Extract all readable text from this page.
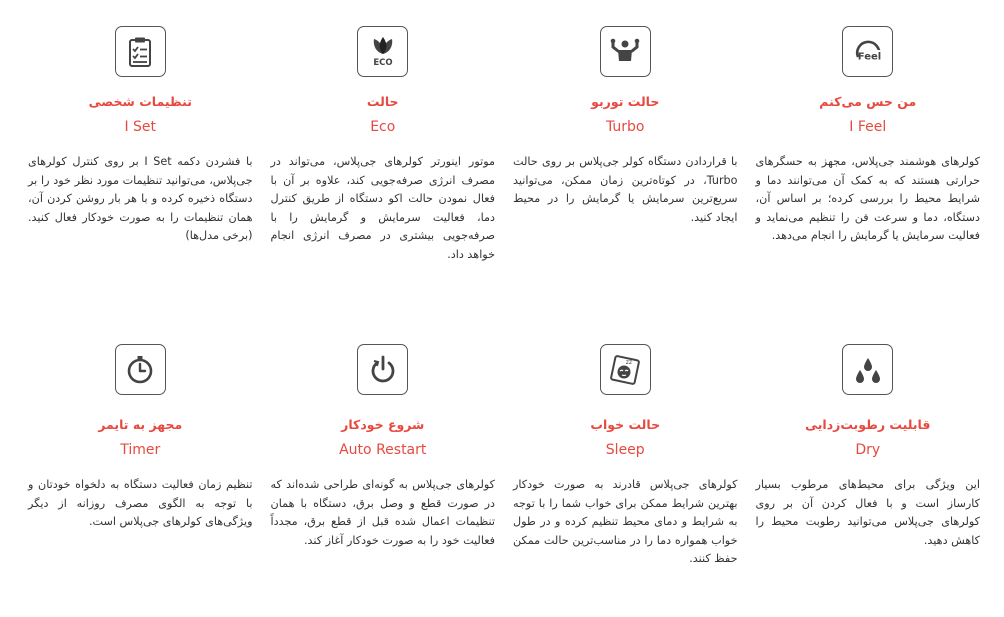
Feel
من حس می‌کنم
I Feel
کولرهای هوشمند جی‌پلاس، مجهز به حسگرهای حرارتی هستند که به کمک آن می‌توانند دما و شرایط محیط را بررسی کرده؛ بر اساس آن، دستگاه، دما و سرعت فن را تنظیم می‌نماید و فعالیت سرمایش یا گرمایش را انجام می‌دهد.
حالت توربو
Turbo
با قراردادن دستگاه کولر جی‌پلاس بر روی حالت Turbo، در کوتاه‌ترین زمان ممکن، می‌توانید سریع‌ترین سرمایش یا گرمایش را در محیط ایجاد کنید.
ECO
حالت
Eco
موتور اینورتر کولرهای جی‌پلاس، می‌تواند در مصرف انرژی صرفه‌جویی کند، علاوه بر آن با فعال نمودن حالت اکو دستگاه از طریق کنترل دما، فعالیت سرمایش و گرمایش را با صرفه‌جویی بیشتری در مصرف انرژی انجام خواهد داد.
تنظیمات شخصی
I Set
با فشردن دکمه I Set بر روی کنترل کولرهای جی‌پلاس، می‌توانید تنظیمات مورد نظر خود را بر دستگاه ذخیره کرده و با هر بار روشن کردن آن، همان تنظیمات را به صورت خودکار فعال کنید. (برخی مدل‌ها)
قابلیت رطوبت‌زدایی
Dry
این ویژگی برای محیط‌های مرطوب بسیار کارساز است و با فعال کردن آن بر روی کولرهای جی‌پلاس می‌توانید رطوبت محیط را کاهش دهید.
zz
حالت خواب
Sleep
کولرهای جی‌پلاس قادرند به صورت خودکار بهترین شرایط ممکن برای خواب شما را با توجه به شرایط و دمای محیط تنظیم کرده و در طول خواب همواره دما را در مناسب‌ترین حالت ممکن حفظ کنند.
شروع خودکار
Auto Restart
کولرهای جی‌پلاس به گونه‌ای طراحی شده‌اند که در صورت قطع و وصل برق، دستگاه با همان تنظیمات اعمال شده قبل از قطع برق، مجدداً فعالیت خود را به صورت خودکار آغاز کند.
مجهز به تایمر
Timer
تنظیم زمان فعالیت دستگاه به دلخواه خودتان و با توجه به الگوی مصرف روزانه از دیگر ویژگی‌های کولرهای جی‌پلاس است.
